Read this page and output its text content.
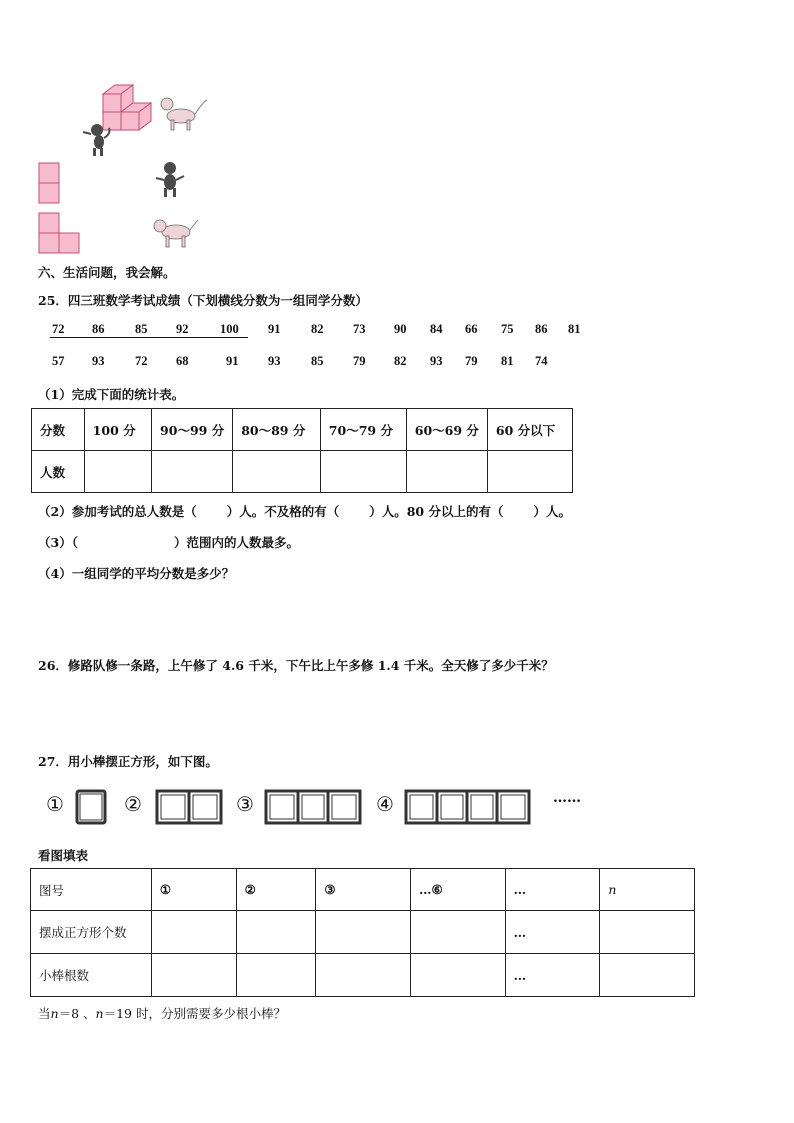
六、生活问题，我会解。
25．四三班数学考试成绩（下划横线分数为一组同学分数）
72 86 85 92	100 91 82 73 90 84 66 75 86 81
57 93 72 68	91 93 85 79 82 93 79 81 74
（1）完成下面的统计表。
分数	100 分	90～99 分	80～89 分	70～79 分	60～69 分	60 分以下
人数						
（2）参加考试的总人数是（ ）人。不及格的有（ ）人。80 分以上的有（ ）人。
（3）（	）范围内的人数最多。
（4）一组同学的平均分数是多少？
26．修路队修一条路，上午修了 4.6 千米，下午比上午多修 1.4 千米。全天修了多少千米？
27．用小棒摆正方形，如下图。
①	②	③	④	……
看图填表
图号	①	②	③	…⑥	…	n
摆成正方形个数					…	
小棒根数					…	
当n＝8 、n＝19 时，分别需要多少根小棒？
